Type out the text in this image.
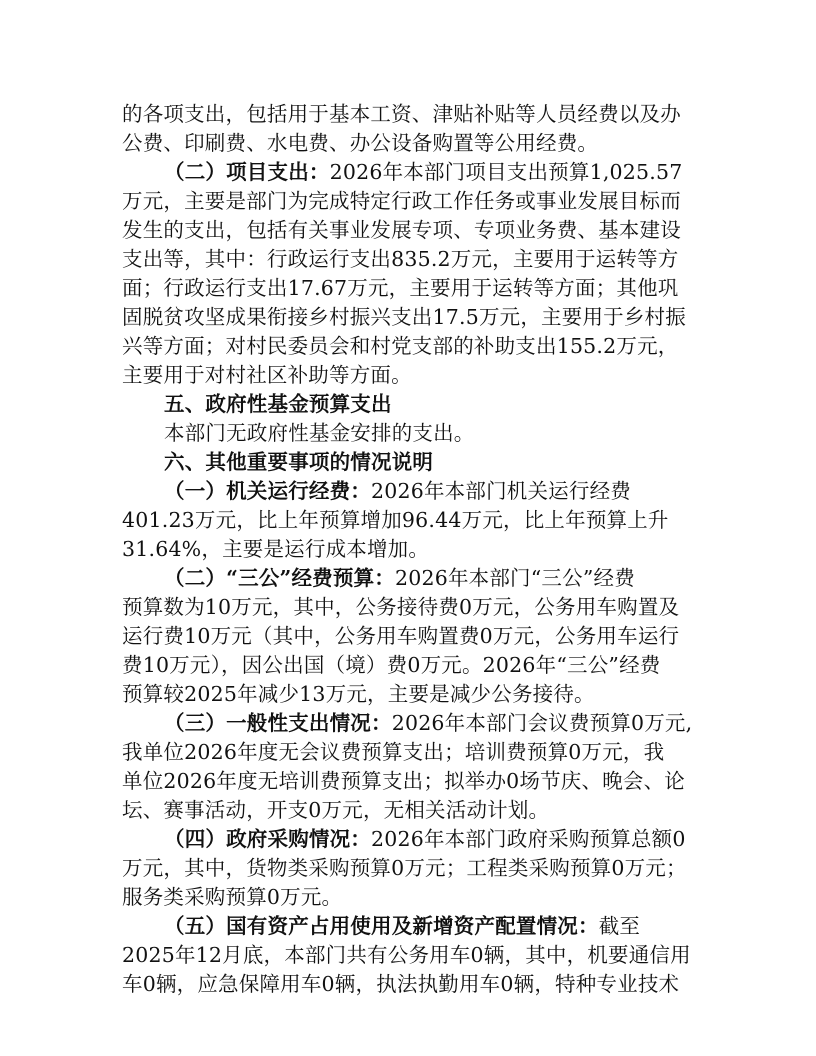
的各项支出，包括用于基本工资、津贴补贴等人员经费以及办
公费、印刷费、水电费、办公设备购置等公用经费。
（二）项目支出：2026年本部门项目支出预算1,025.57
万元，主要是部门为完成特定行政工作任务或事业发展目标而
发生的支出，包括有关事业发展专项、专项业务费、基本建设
支出等，其中：行政运行支出835.2万元，主要用于运转等方
面；行政运行支出17.67万元，主要用于运转等方面；其他巩
固脱贫攻坚成果衔接乡村振兴支出17.5万元，主要用于乡村振
兴等方面；对村民委员会和村党支部的补助支出155.2万元，
主要用于对村社区补助等方面。
五、政府性基金预算支出
本部门无政府性基金安排的支出。
六、其他重要事项的情况说明
（一）机关运行经费：2026年本部门机关运行经费
401.23万元，比上年预算增加96.44万元，比上年预算上升
31.64%，主要是运行成本增加。
（二）“三公”经费预算：2026年本部门“三公”经费
预算数为10万元，其中，公务接待费0万元，公务用车购置及
运行费10万元（其中，公务用车购置费0万元，公务用车运行
费10万元），因公出国（境）费0万元。2026年“三公”经费
预算较2025年减少13万元，主要是减少公务接待。
（三）一般性支出情况：2026年本部门会议费预算0万元,
我单位2026年度无会议费预算支出；培训费预算0万元，我
单位2026年度无培训费预算支出；拟举办0场节庆、晚会、论
坛、赛事活动，开支0万元，无相关活动计划。
（四）政府采购情况：2026年本部门政府采购预算总额0
万元，其中，货物类采购预算0万元；工程类采购预算0万元；
服务类采购预算0万元。
（五）国有资产占用使用及新增资产配置情况：截至
2025年12月底，本部门共有公务用车0辆，其中，机要通信用
车0辆，应急保障用车0辆，执法执勤用车0辆，特种专业技术
